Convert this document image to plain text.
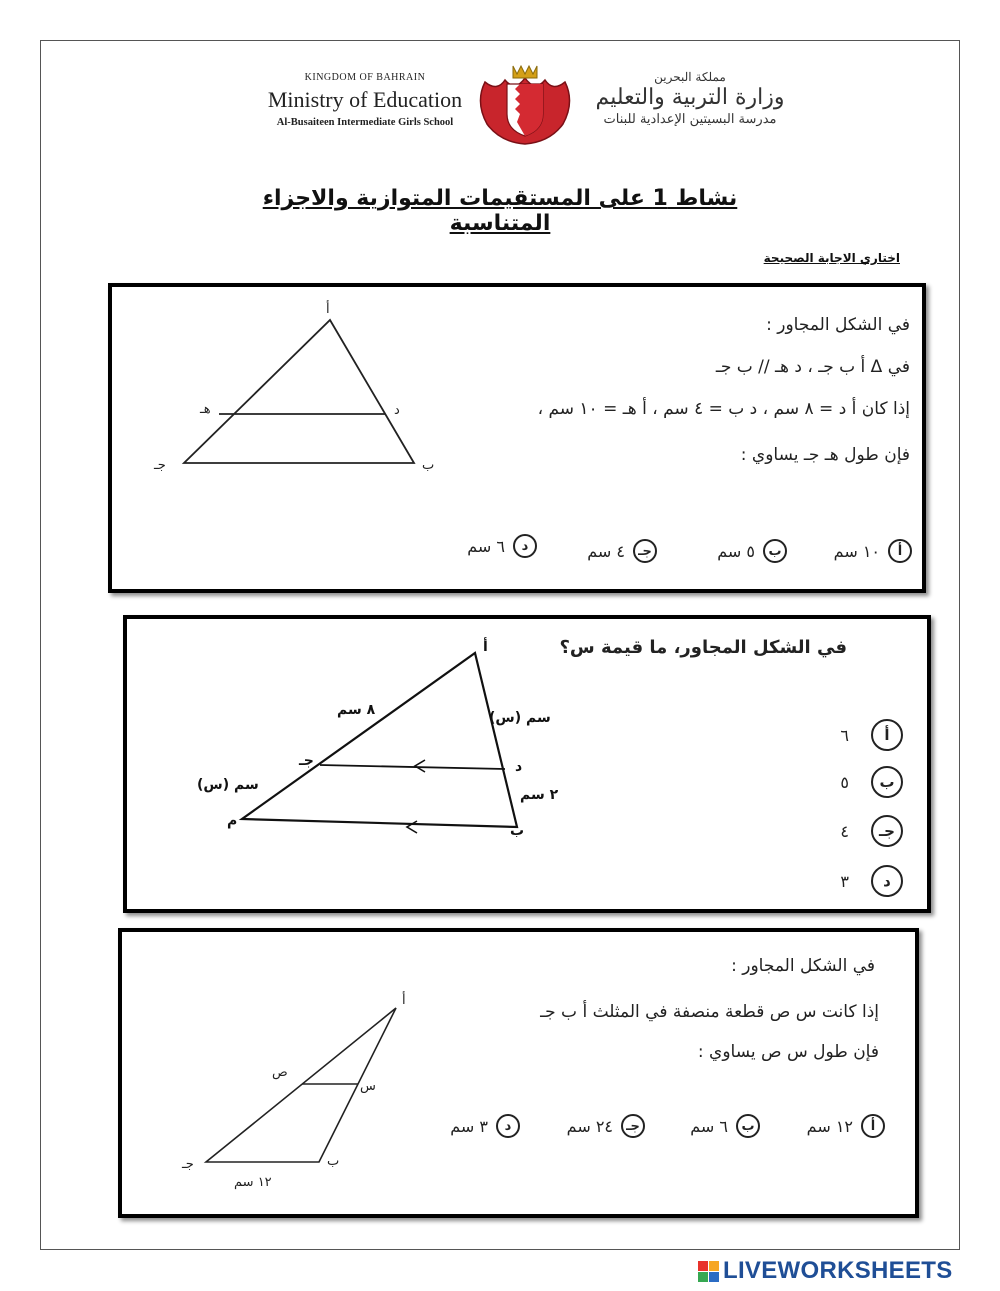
KINGDOM OF BAHRAIN
Ministry of Education
Al-Busaiteen Intermediate Girls School
مملكة البحرين
وزارة التربية والتعليم
مدرسة البسيتين الإعدادية للبنات
نشاط 1 على المستقيمات المتوازية والاجزاء المتناسبة
اختاري الاجابة الصحيحة
أ
ب
جـ
د
هـ
في الشكل المجاور :
في Δ أ ب جـ ، د هـ // ب جـ
إذا كان أ د = ٨ سم ، د ب = ٤ سم ، أ هـ = ١٠ سم ،
فإن طول هـ جـ يساوي :
أ
١٠ سم
ب
٥ سم
جـ
٤ سم
د
٦ سم
أ
ب
م
جـ	د
٨ سم	(س) سم
(س) سم
٢ سم
في الشكل المجاور، ما قيمة س؟
أ
٦
ب
٥
جـ
٤
د
٣
أ
ب
جـ
س
ص
١٢ سم
في الشكل المجاور :
إذا كانت س ص قطعة منصفة في المثلث أ ب جـ
فإن طول س ص يساوي :
أ
١٢ سم
ب
٦ سم
جـ
٢٤ سم
د
٣ سم
LIVEWORKSHEETS
